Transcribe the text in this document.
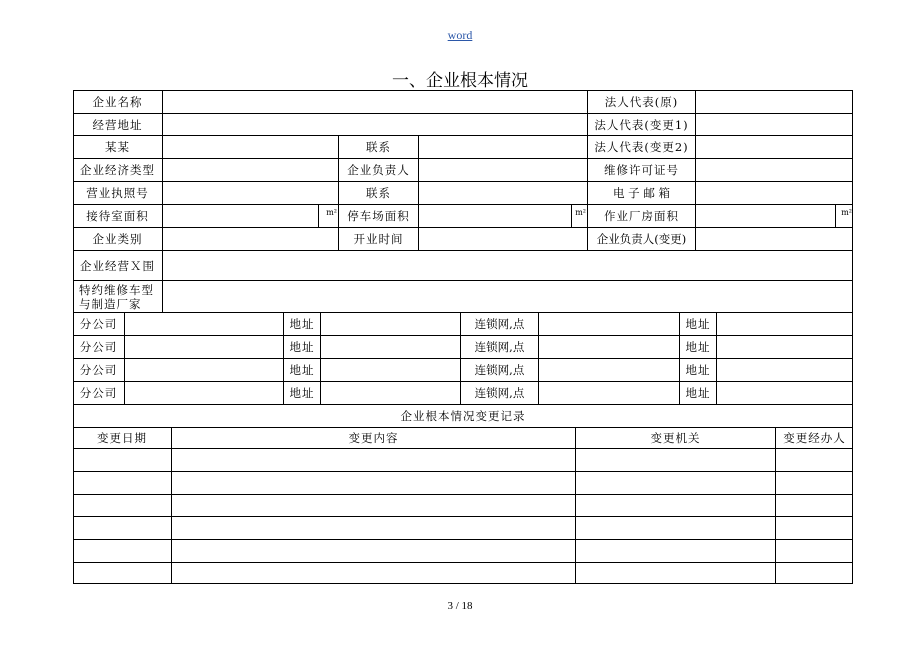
word
一、企业根本情况
企业名称	法人代表(原)
经营地址	法人代表(变更1)
某某	联系	法人代表(变更2)
企业经济类型	企业负责人	维修许可证号
营业执照号	联系	电 子 邮 箱
接待室面积	m² 停车场面积	m²	作业厂房面积	m²
企业类别	开业时间	企业负责人(变更)
企业经营Ｘ围
特约维修车型与制造厂家
分公司	地址	连锁网,点	地址
分公司	地址	连锁网,点	地址
分公司	地址	连锁网,点	地址
分公司	地址	连锁网,点	地址
企业根本情况变更记录
变更日期	变更内容	变更机关	变更经办人
3 / 18
